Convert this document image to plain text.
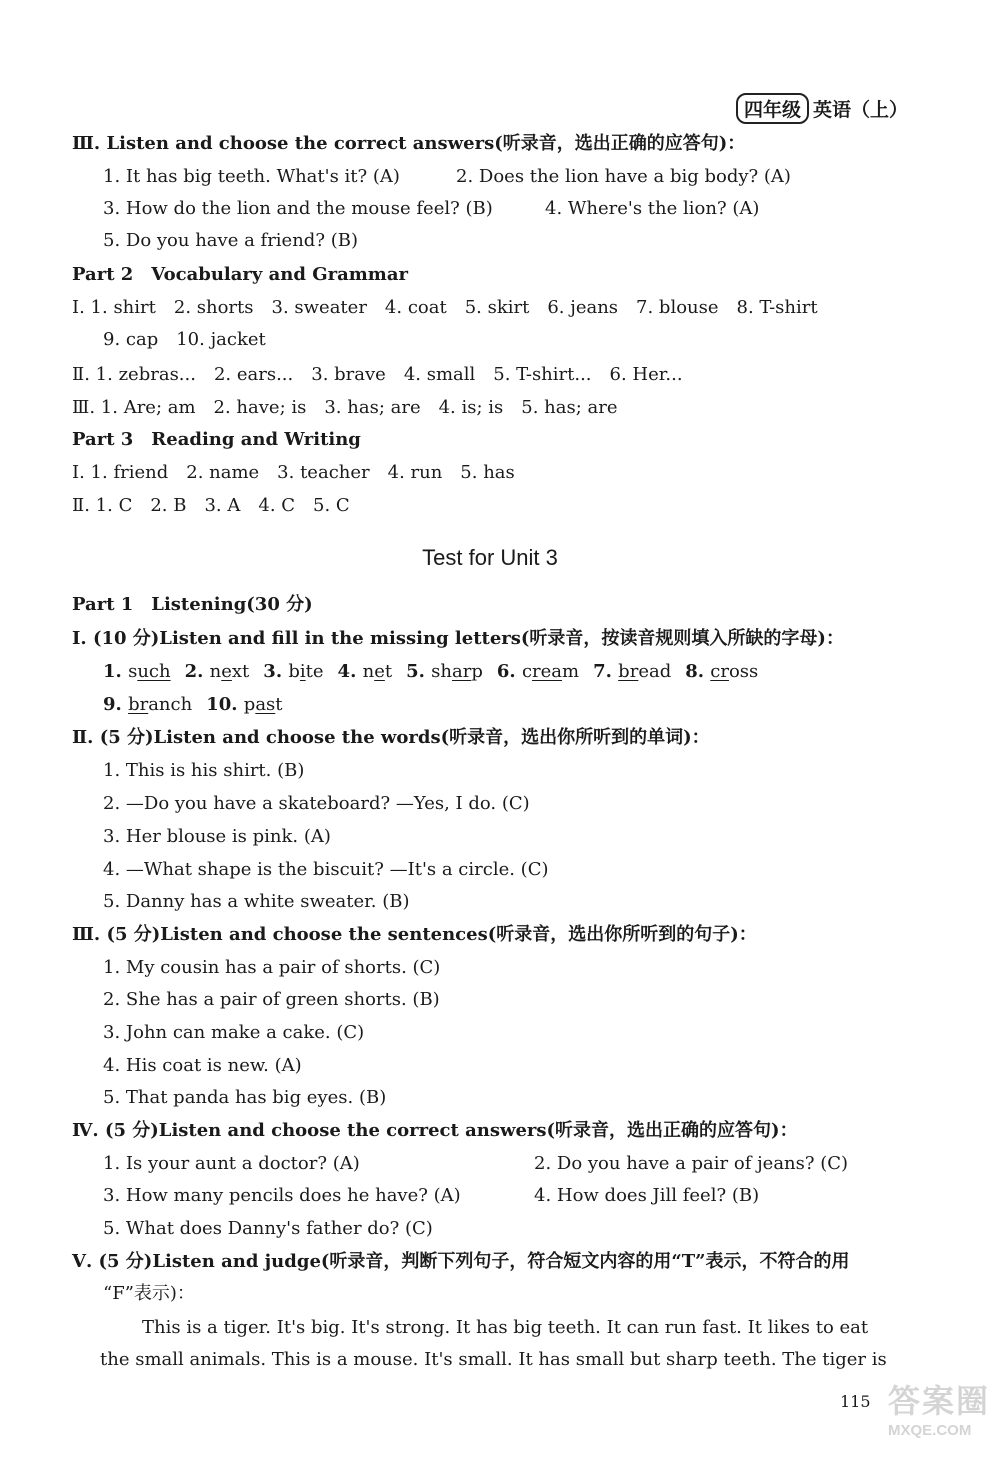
四年级 英语（上）
Ⅲ. Listen and choose the correct answers(听录音，选出正确的应答句)：
1. It has big teeth. What's it? (A)	2. Does the lion have a big body? (A)
3. How do the lion and the mouse feel? (B)	4. Where's the lion? (A)
5. Do you have a friend? (B)
Part 2　Vocabulary and Grammar
Ⅰ. 1. shirt　2. shorts　3. sweater　4. coat　5. skirt　6. jeans　7. blouse　8. T-shirt
9. cap　10. jacket
Ⅱ. 1. zebras...　2. ears...　3. brave　4. small　5. T-shirt...　6. Her...
Ⅲ. 1. Are; am　2. have; is　3. has; are　4. is; is　5. has; are
Part 3　Reading and Writing
Ⅰ. 1. friend　2. name　3. teacher　4. run　5. has
Ⅱ. 1. C　2. B　3. A　4. C　5. C
Test for Unit 3
Part 1　Listening(30 分)
Ⅰ. (10 分)Listen and fill in the missing letters(听录音，按读音规则填入所缺的字母)：
1. such 2. next 3. bite 4. net 5. sharp 6. cream 7. bread 8. cross
9. branch 10. past
Ⅱ. (5 分)Listen and choose the words(听录音，选出你所听到的单词)：
1. This is his shirt. (B)
2. —Do you have a skateboard? —Yes, I do. (C)
3. Her blouse is pink. (A)
4. —What shape is the biscuit? —It's a circle. (C)
5. Danny has a white sweater. (B)
Ⅲ. (5 分)Listen and choose the sentences(听录音，选出你所听到的句子)：
1. My cousin has a pair of shorts. (C)
2. She has a pair of green shorts. (B)
3. John can make a cake. (C)
4. His coat is new. (A)
5. That panda has big eyes. (B)
Ⅳ. (5 分)Listen and choose the correct answers(听录音，选出正确的应答句)：
1. Is your aunt a doctor? (A)	2. Do you have a pair of jeans? (C)
3. How many pencils does he have? (A)	4. How does Jill feel? (B)
5. What does Danny's father do? (C)
Ⅴ. (5 分)Listen and judge(听录音，判断下列句子，符合短文内容的用“T”表示，不符合的用
“F”表示)：
This is a tiger. It's big. It's strong. It has big teeth. It can run fast. It likes to eat
the small animals. This is a mouse. It's small. It has small but sharp teeth. The tiger is
115 答案圈
MXQE.COM
